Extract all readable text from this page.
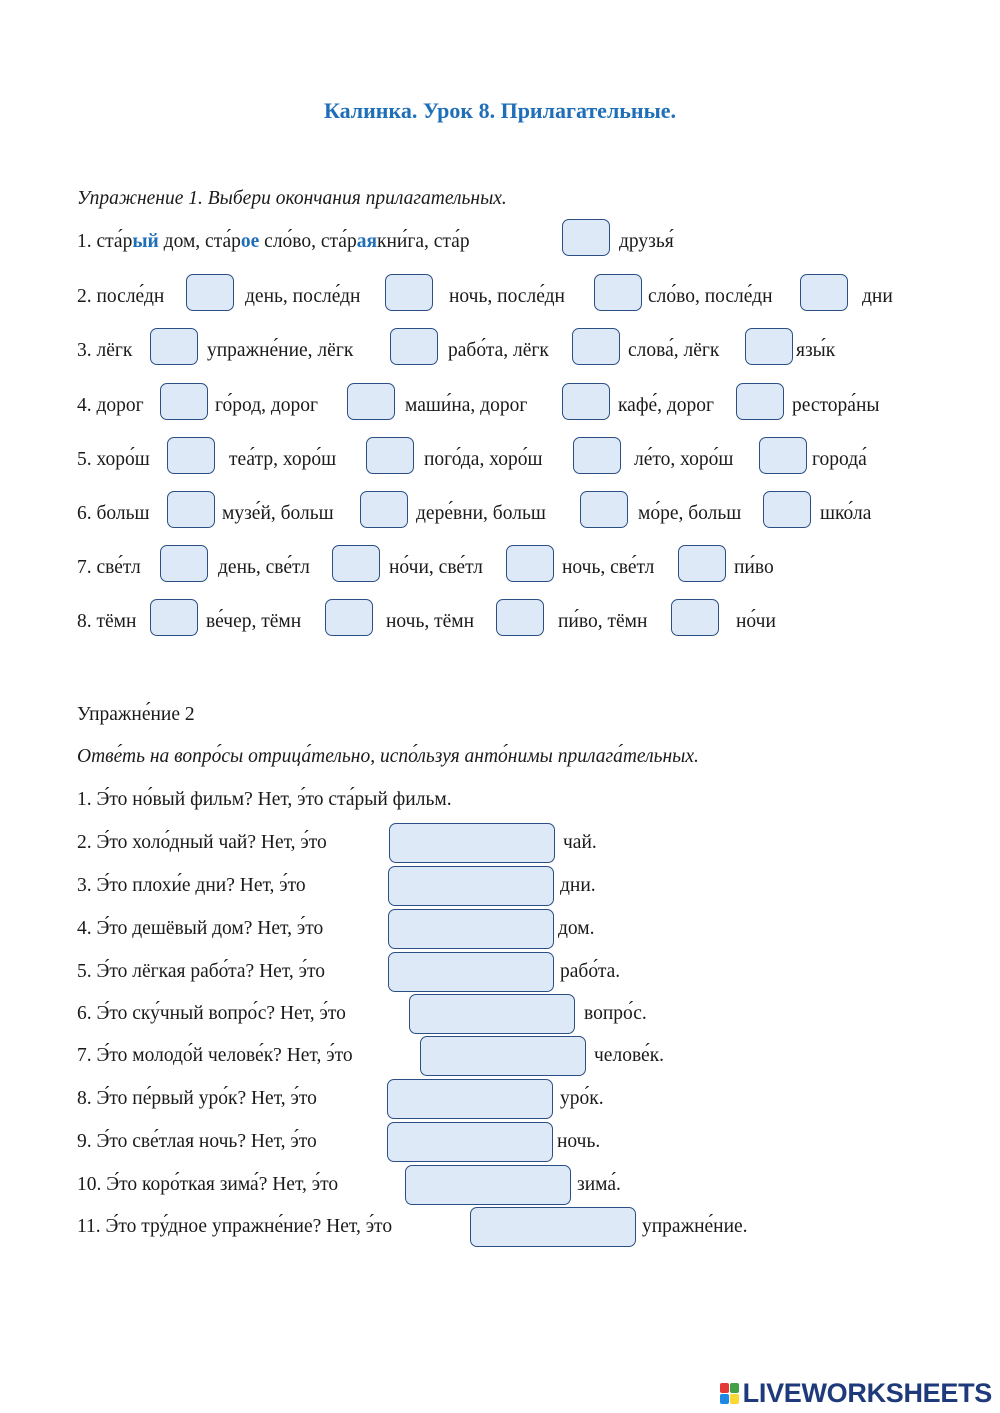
Калинка. Урок 8. Прилагательные.
Упражнение 1. Выбери окончания прилагательных.
1. ста́рый дом, ста́рое сло́во, ста́раякни́га, ста́р	друзья́
2. после́дн	день, после́дн	ночь, после́дн	сло́во, после́дн	дни
3. лёгк	упражне́ние, лёгк	рабо́та, лёгк	слова́, лёгк	язы́к
4. дорог	го́род, дорог	маши́на, дорог	кафе́, дорог	рестора́ны
5. хоро́ш	теа́тр, хоро́ш	пого́да, хоро́ш	ле́то, хоро́ш	города́
6. больш	музе́й, больш	дере́вни, больш	мо́ре, больш	шко́ла
7. све́тл	день, све́тл	но́чи, све́тл	ночь, све́тл	пи́во
8. тёмн	ве́чер, тёмн	ночь, тёмн	пи́во, тёмн	но́чи
Упражне́ние 2
Отве́ть на вопро́сы отрица́тельно, испо́льзуя анто́нимы прилага́тельных.
1. Э́то но́вый фильм? Нет, э́то ста́рый фильм.
2. Э́то холо́дный чай? Нет, э́то	чай.
3. Э́то плохи́е дни? Нет, э́то	дни.
4. Э́то дешёвый дом? Нет, э́то	дом.
5. Э́то лёгкая рабо́та? Нет, э́то	рабо́та.
6. Э́то ску́чный вопро́с? Нет, э́то	вопро́с.
7. Э́то молодо́й челове́к? Нет, э́то	челове́к.
8. Э́то пе́рвый уро́к? Нет, э́то	уро́к.
9. Э́то све́тлая ночь? Нет, э́то	ночь.
10. Э́то коро́ткая зима́? Нет, э́то	зима́.
11. Э́то тру́дное упражне́ние? Нет, э́то	упражне́ние.
LIVEWORKSHEETS
